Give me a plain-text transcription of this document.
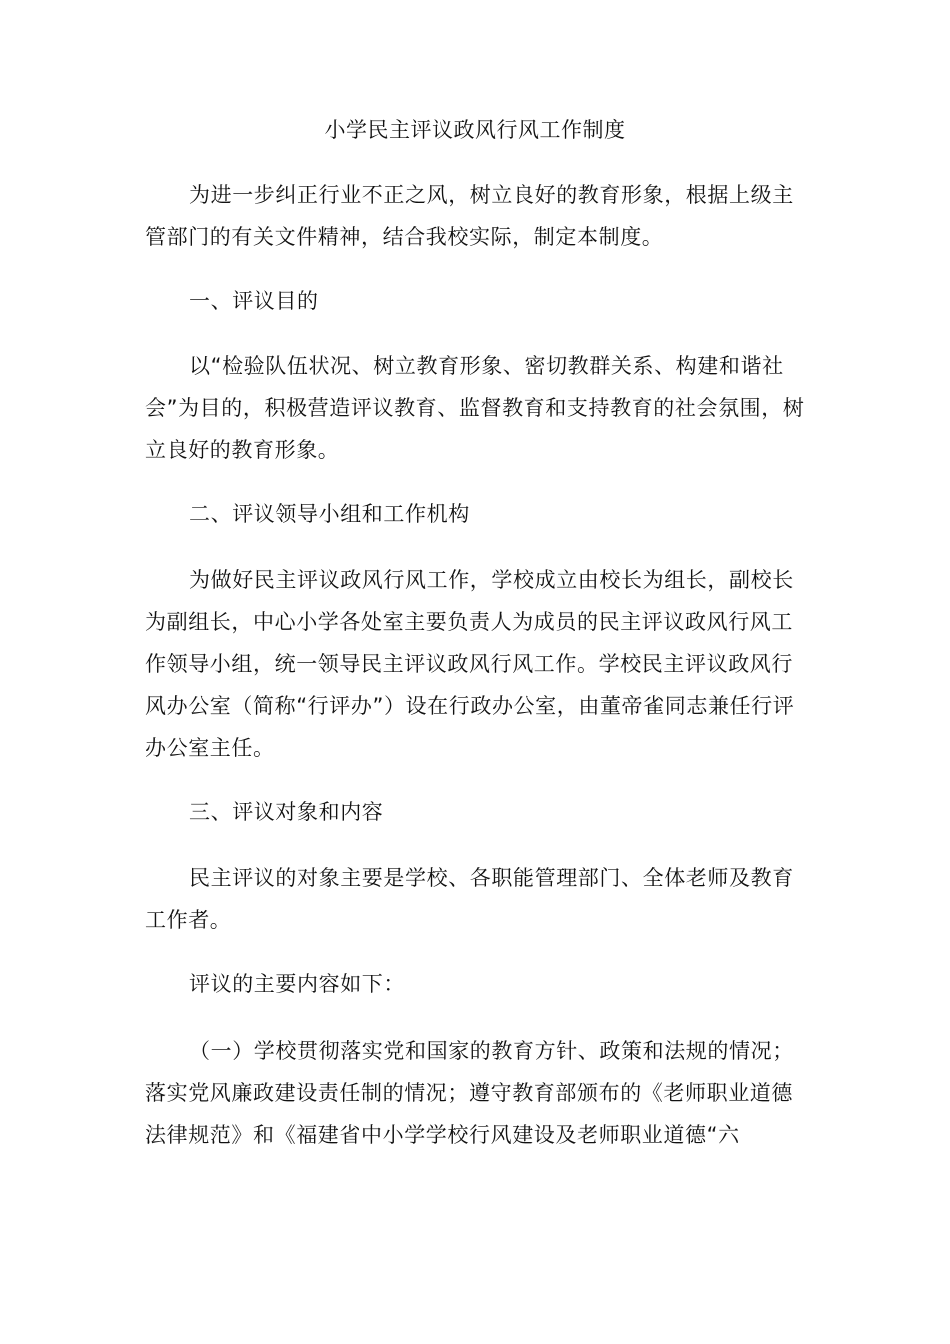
小学民主评议政风行风工作制度

为进一步纠正行业不正之风，树立良好的教育形象，根据上级主管部门的有关文件精神，结合我校实际，制定本制度。

一、评议目的

以“检验队伍状况、树立教育形象、密切教群关系、构建和谐社会”为目的，积极营造评议教育、监督教育和支持教育的社会氛围，树立良好的教育形象。

二、评议领导小组和工作机构

为做好民主评议政风行风工作，学校成立由校长为组长，副校长为副组长，中心小学各处室主要负责人为成员的民主评议政风行风工作领导小组，统一领导民主评议政风行风工作。学校民主评议政风行风办公室（简称“行评办”）设在行政办公室，由董帝雀同志兼任行评办公室主任。

三、评议对象和内容

民主评议的对象主要是学校、各职能管理部门、全体老师及教育工作者。

评议的主要内容如下：

（一）学校贯彻落实党和国家的教育方针、政策和法规的情况；落实党风廉政建设责任制的情况；遵守教育部颁布的《老师职业道德法律规范》和《福建省中小学学校行风建设及老师职业道德“六
